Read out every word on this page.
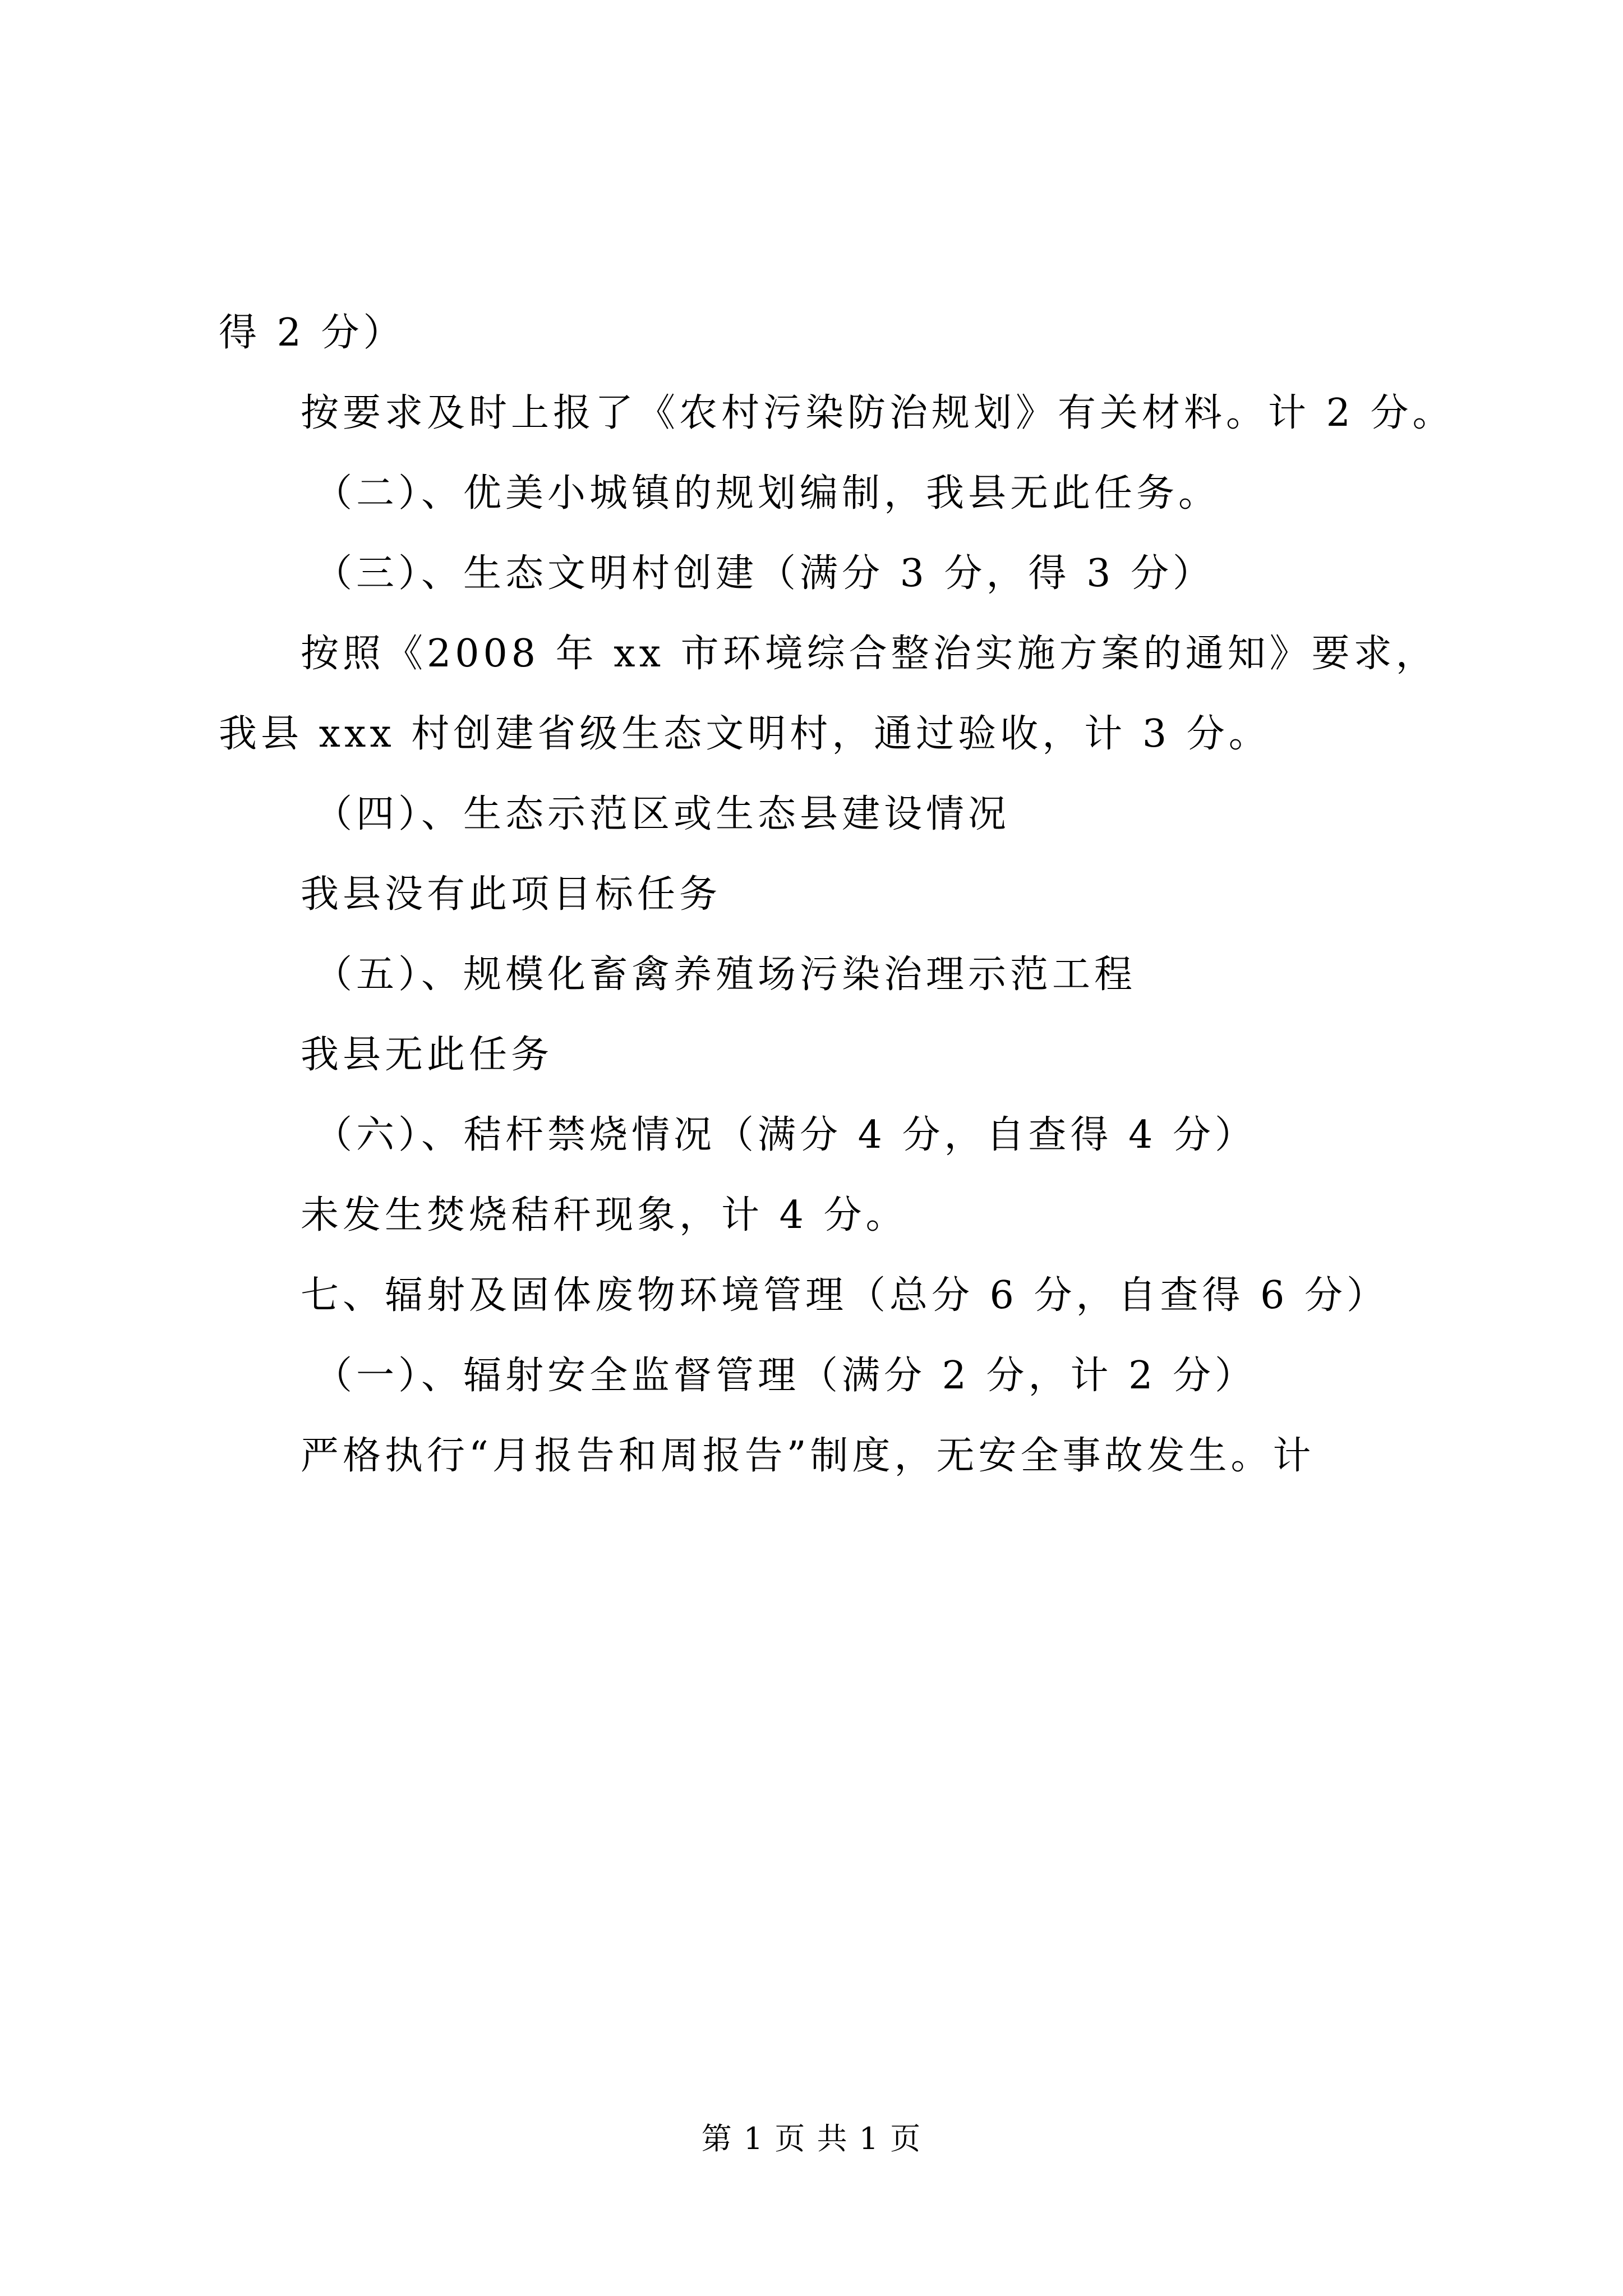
得 2 分）
按要求及时上报了《农村污染防治规划》有关材料。计 2 分。
（二）、优美小城镇的规划编制，我县无此任务。
（三）、生态文明村创建（满分 3 分，得 3 分）
按照《2008 年 xx 市环境综合整治实施方案的通知》要求，
我县 xxx 村创建省级生态文明村，通过验收，计 3 分。
（四）、生态示范区或生态县建设情况
我县没有此项目标任务
（五）、规模化畜禽养殖场污染治理示范工程
我县无此任务
（六）、秸杆禁烧情况（满分 4 分，自查得 4 分）
未发生焚烧秸秆现象，计 4 分。
七、辐射及固体废物环境管理（总分 6 分，自查得 6 分）
（一）、辐射安全监督管理（满分 2 分，计 2 分）
严格执行“月报告和周报告”制度，无安全事故发生。计
第 1 页 共 1 页
